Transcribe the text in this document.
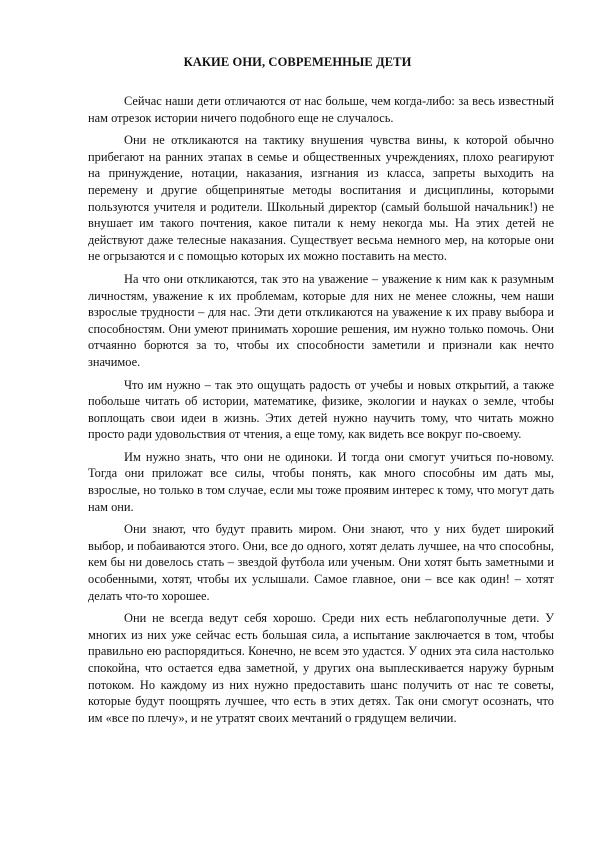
КАКИЕ ОНИ, СОВРЕМЕННЫЕ ДЕТИ

Сейчас наши дети отличаются от нас больше, чем когда-либо: за весь известный нам отрезок истории ничего подобного еще не случалось.

Они не откликаются на тактику внушения чувства вины, к которой обычно прибегают на ранних этапах в семье и общественных учреждениях, плохо реагируют на принуждение, нотации, наказания, изгнания из класса, запреты выходить на перемену и другие общепринятые методы воспитания и дисциплины, которыми пользуются учителя и родители. Школьный директор (самый большой начальник!) не внушает им такого почтения, какое питали к нему некогда мы. На этих детей не действуют даже телесные наказания. Существует весьма немного мер, на которые они не огрызаются и с помощью которых их можно поставить на место.

На что они откликаются, так это на уважение – уважение к ним как к разумным личностям, уважение к их проблемам, которые для них не менее сложны, чем наши взрослые трудности – для нас. Эти дети откликаются на уважение к их праву выбора и способностям. Они умеют принимать хорошие решения, им нужно только помочь. Они отчаянно борются за то, чтобы их способности заметили и признали как нечто значимое.

Что им нужно – так это ощущать радость от учебы и новых открытий, а также побольше читать об истории, математике, физике, экологии и науках о земле, чтобы воплощать свои идеи в жизнь. Этих детей нужно научить тому, что читать можно просто ради удовольствия от чтения, а еще тому, как видеть все вокруг по-своему.

Им нужно знать, что они не одиноки. И тогда они смогут учиться по-новому. Тогда они приложат все силы, чтобы понять, как много способны им дать мы, взрослые, но только в том случае, если мы тоже проявим интерес к тому, что могут дать нам они.

Они знают, что будут править миром. Они знают, что у них будет широкий выбор, и побаиваются этого. Они, все до одного, хотят делать лучшее, на что способны, кем бы ни довелось стать – звездой футбола или ученым. Они хотят быть заметными и особенными, хотят, чтобы их услышали. Самое главное, они – все как один! – хотят делать что-то хорошее.

Они не всегда ведут себя хорошо. Среди них есть неблагополучные дети. У многих из них уже сейчас есть большая сила, а испытание заключается в том, чтобы правильно ею распорядиться. Конечно, не всем это удастся. У одних эта сила настолько спокойна, что остается едва заметной, у других она выплескивается наружу бурным потоком. Но каждому из них нужно предоставить шанс получить от нас те советы, которые будут поощрять лучшее, что есть в этих детях. Так они смогут осознать, что им «все по плечу», и не утратят своих мечтаний о грядущем величии.
